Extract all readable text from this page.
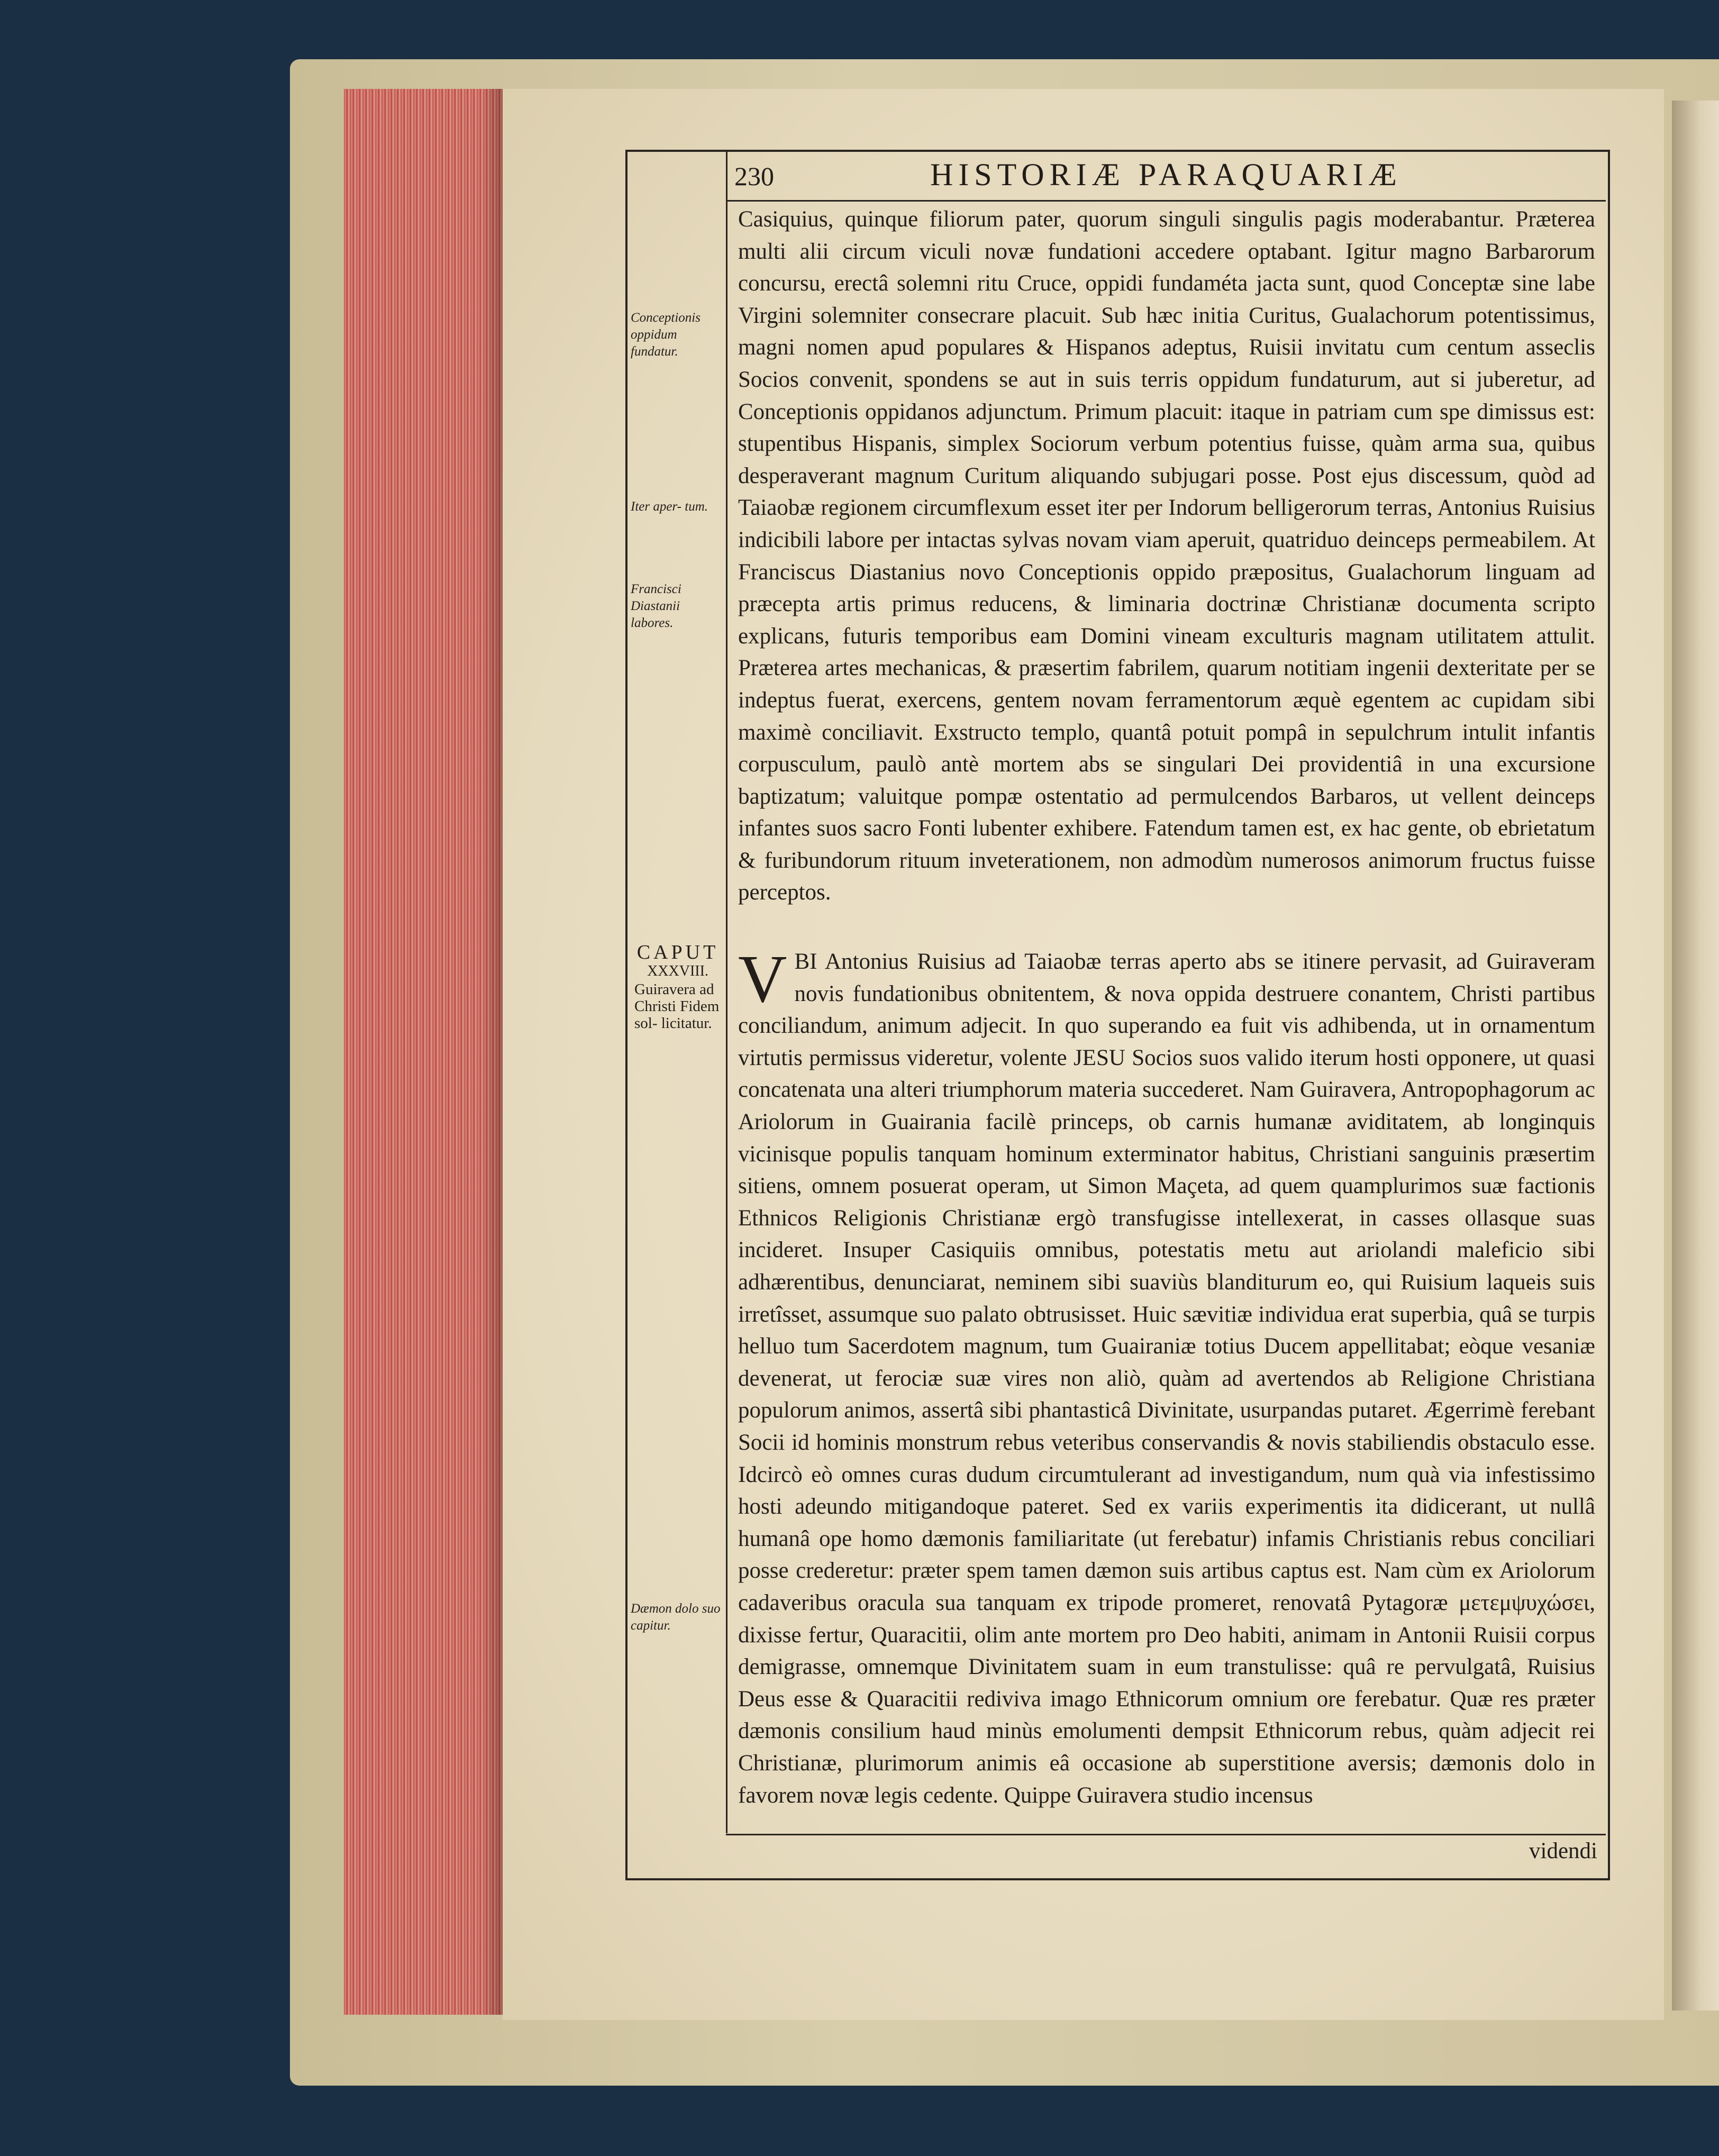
230	HISTORIÆ PARAQUARIÆ
Conceptionis oppidum fundatur.
Iter aper- tum.
Francisci Diastanii labores.
Dæmon dolo suo capitur.
CAPUT
XXXVIII.
Guiravera ad Christi Fidem sol- licitatur.

Casiquius, quinque filiorum pater, quorum singuli singulis pagis moderabantur. Præterea multi alii circum viculi novæ fundationi accedere optabant. Igitur magno Barbarorum concursu, erectâ solemni ritu Cruce, oppidi fundaméta jacta sunt, quod Conceptæ sine labe Virgini solemniter consecrare placuit. Sub hæc initia Curitus, Gualachorum potentissimus, magni nomen apud populares & Hispanos adeptus, Ruisii invitatu cum centum asseclis Socios convenit, spondens se aut in suis terris oppidum fundaturum, aut si juberetur, ad Conceptionis oppidanos adjunctum. Primum placuit: itaque in patriam cum spe dimissus est: stupentibus Hispanis, simplex Sociorum verbum potentius fuisse, quàm arma sua, quibus desperaverant magnum Curitum aliquando subjugari posse. Post ejus discessum, quòd ad Taiaobæ regionem circumflexum esset iter per Indorum belligerorum terras, Antonius Ruisius indicibili labore per intactas sylvas novam viam aperuit, quatriduo deinceps permeabilem. At Franciscus Diastanius novo Conceptionis oppido præpositus, Gualachorum linguam ad præcepta artis primus reducens, & liminaria doctrinæ Christianæ documenta scripto explicans, futuris temporibus eam Domini vineam exculturis magnam utilitatem attulit. Præterea artes mechanicas, & præsertim fabrilem, quarum notitiam ingenii dexteritate per se indeptus fuerat, exercens, gentem novam ferramentorum æquè egentem ac cupidam sibi maximè conciliavit. Exstructo templo, quantâ potuit pompâ in sepulchrum intulit infantis corpusculum, paulò antè mortem abs se singulari Dei providentiâ in una excursione baptizatum; valuitque pompæ ostentatio ad permulcendos Barbaros, ut vellent deinceps infantes suos sacro Fonti lubenter exhibere. Fatendum tamen est, ex hac gente, ob ebrietatum & furibundorum rituum inveterationem, non admodùm numerosos animorum fructus fuisse perceptos.

VBI Antonius Ruisius ad Taiaobæ terras aperto abs se itinere pervasit, ad Guiraveram novis fundationibus obnitentem, & nova oppida destruere conantem, Christi partibus conciliandum, animum adjecit. In quo superando ea fuit vis adhibenda, ut in ornamentum virtutis permissus videretur, volente JESU Socios suos valido iterum hosti opponere, ut quasi concatenata una alteri triumphorum materia succederet. Nam Guiravera, Antropophagorum ac Ariolorum in Guairania facilè princeps, ob carnis humanæ aviditatem, ab longinquis vicinisque populis tanquam hominum exterminator habitus, Christiani sanguinis præsertim sitiens, omnem posuerat operam, ut Simon Maçeta, ad quem quamplurimos suæ factionis Ethnicos Religionis Christianæ ergò transfugisse intellexerat, in casses ollasque suas incideret. Insuper Casiquiis omnibus, potestatis metu aut ariolandi maleficio sibi adhærentibus, denunciarat, neminem sibi suaviùs blanditurum eo, qui Ruisium laqueis suis irretîsset, assumque suo palato obtrusisset. Huic sævitiæ individua erat superbia, quâ se turpis helluo tum Sacerdotem magnum, tum Guairaniæ totius Ducem appellitabat; eòque vesaniæ devenerat, ut ferociæ suæ vires non aliò, quàm ad avertendos ab Religione Christiana populorum animos, assertâ sibi phantasticâ Divinitate, usurpandas putaret. Ægerrimè ferebant Socii id hominis monstrum rebus veteribus conservandis & novis stabiliendis obstaculo esse. Idcircò eò omnes curas dudum circumtulerant ad investigandum, num quà via infestissimo hosti adeundo mitigandoque pateret. Sed ex variis experimentis ita didicerant, ut nullâ humanâ ope homo dæmonis familiaritate (ut ferebatur) infamis Christianis rebus conciliari posse crederetur: præter spem tamen dæmon suis artibus captus est. Nam cùm ex Ariolorum cadaveribus oracula sua tanquam ex tripode promeret, renovatâ Pytagoræ μετεμψυχώσει, dixisse fertur, Quaracitii, olim ante mortem pro Deo habiti, animam in Antonii Ruisii corpus demigrasse, omnemque Divinitatem suam in eum transtulisse: quâ re pervulgatâ, Ruisius Deus esse & Quaracitii rediviva imago Ethnicorum omnium ore ferebatur. Quæ res præter dæmonis consilium haud minùs emolumenti dempsit Ethnicorum rebus, quàm adjecit rei Christianæ, plurimorum animis eâ occasione ab superstitione aversis; dæmonis dolo in favorem novæ legis cedente. Quippe Guiravera studio incensus

videndi
